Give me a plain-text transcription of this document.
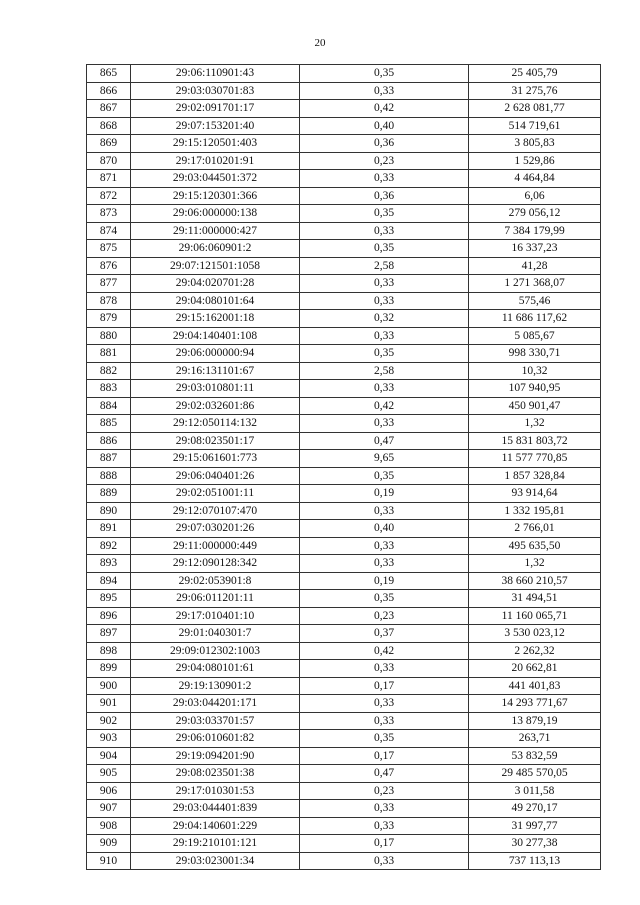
20
865	29:06:110901:43	0,35	25 405,79
866	29:03:030701:83	0,33	31 275,76
867	29:02:091701:17	0,42	2 628 081,77
868	29:07:153201:40	0,40	514 719,61
869	29:15:120501:403	0,36	3 805,83
870	29:17:010201:91	0,23	1 529,86
871	29:03:044501:372	0,33	4 464,84
872	29:15:120301:366	0,36	6,06
873	29:06:000000:138	0,35	279 056,12
874	29:11:000000:427	0,33	7 384 179,99
875	29:06:060901:2	0,35	16 337,23
876	29:07:121501:1058	2,58	41,28
877	29:04:020701:28	0,33	1 271 368,07
878	29:04:080101:64	0,33	575,46
879	29:15:162001:18	0,32	11 686 117,62
880	29:04:140401:108	0,33	5 085,67
881	29:06:000000:94	0,35	998 330,71
882	29:16:131101:67	2,58	10,32
883	29:03:010801:11	0,33	107 940,95
884	29:02:032601:86	0,42	450 901,47
885	29:12:050114:132	0,33	1,32
886	29:08:023501:17	0,47	15 831 803,72
887	29:15:061601:773	9,65	11 577 770,85
888	29:06:040401:26	0,35	1 857 328,84
889	29:02:051001:11	0,19	93 914,64
890	29:12:070107:470	0,33	1 332 195,81
891	29:07:030201:26	0,40	2 766,01
892	29:11:000000:449	0,33	495 635,50
893	29:12:090128:342	0,33	1,32
894	29:02:053901:8	0,19	38 660 210,57
895	29:06:011201:11	0,35	31 494,51
896	29:17:010401:10	0,23	11 160 065,71
897	29:01:040301:7	0,37	3 530 023,12
898	29:09:012302:1003	0,42	2 262,32
899	29:04:080101:61	0,33	20 662,81
900	29:19:130901:2	0,17	441 401,83
901	29:03:044201:171	0,33	14 293 771,67
902	29:03:033701:57	0,33	13 879,19
903	29:06:010601:82	0,35	263,71
904	29:19:094201:90	0,17	53 832,59
905	29:08:023501:38	0,47	29 485 570,05
906	29:17:010301:53	0,23	3 011,58
907	29:03:044401:839	0,33	49 270,17
908	29:04:140601:229	0,33	31 997,77
909	29:19:210101:121	0,17	30 277,38
910	29:03:023001:34	0,33	737 113,13
